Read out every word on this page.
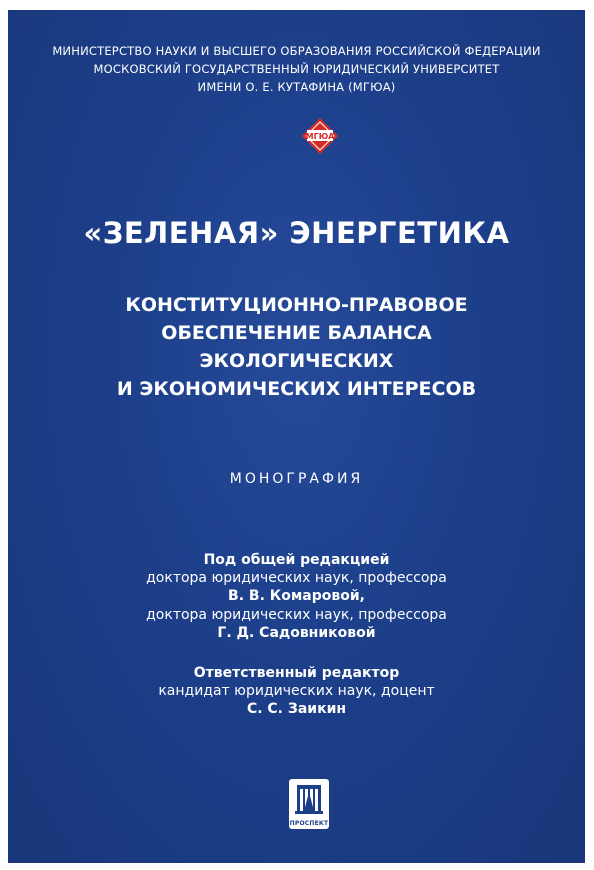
МИНИСТЕРСТВО НАУКИ И ВЫСШЕГО ОБРАЗОВАНИЯ РОССИЙСКОЙ ФЕДЕРАЦИИ
МОСКОВСКИЙ ГОСУДАРСТВЕННЫЙ ЮРИДИЧЕСКИЙ УНИВЕРСИТЕТ
ИМЕНИ О. Е. КУТАФИНА (МГЮА)
МГЮА
«ЗЕЛЕНАЯ» ЭНЕРГЕТИКА
КОНСТИТУЦИОННО-ПРАВОВОЕ
ОБЕСПЕЧЕНИЕ БАЛАНСА
ЭКОЛОГИЧЕСКИХ
И ЭКОНОМИЧЕСКИХ ИНТЕРЕСОВ
МОНОГРАФИЯ
Под общей редакцией
доктора юридических наук, профессора
В. В. Комаровой,
доктора юридических наук, профессора
Г. Д. Садовниковой
Ответственный редактор
кандидат юридических наук, доцент
С. С. Заикин
ПРОСПЕКТ
